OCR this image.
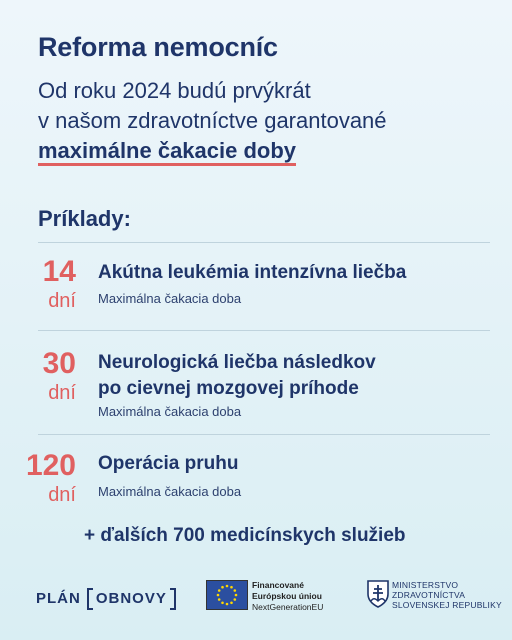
Reforma nemocníc
Od roku 2024 budú prvýkrát
v našom zdravotníctve garantované
maximálne čakacie doby
Príklady:
14
dní
Akútna leukémia intenzívna liečba
Maximálna čakacia doba
30
dní
Neurologická liečba následkov
po cievnej mozgovej príhode
Maximálna čakacia doba
120
dní
Operácia pruhu
Maximálna čakacia doba
+ ďalších 700 medicínskych služieb
PLÁN OBNOVY
Financované
Európskou úniou
NextGenerationEU
MINISTERSTVO
ZDRAVOTNÍCTVA
SLOVENSKEJ REPUBLIKY
